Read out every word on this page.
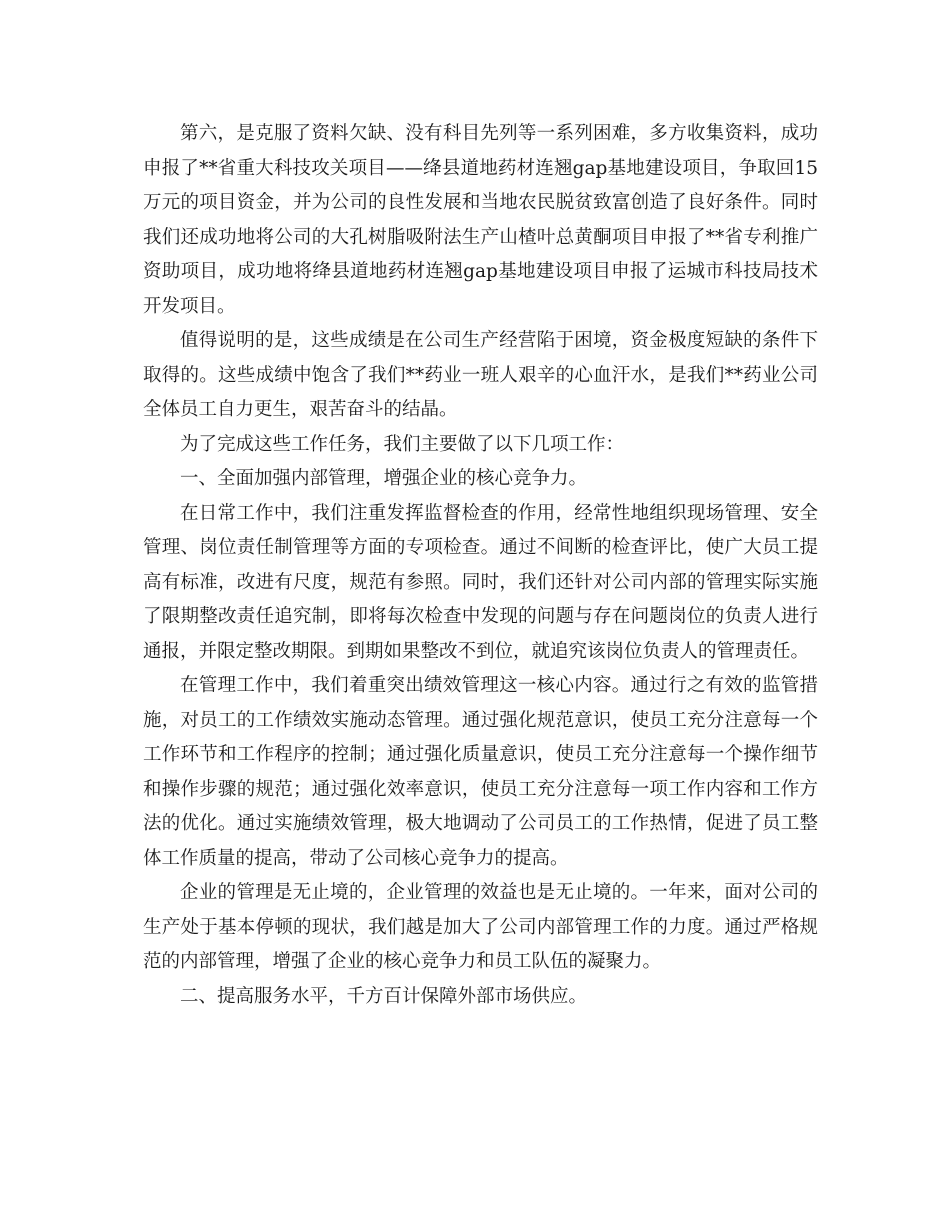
第六，是克服了资料欠缺、没有科目先列等一系列困难，多方收集资料，成功申报了**省重大科技攻关项目——绛县道地药材连翘gap基地建设项目，争取回15万元的项目资金，并为公司的良性发展和当地农民脱贫致富创造了良好条件。同时我们还成功地将公司的大孔树脂吸附法生产山楂叶总黄酮项目申报了**省专利推广资助项目，成功地将绛县道地药材连翘gap基地建设项目申报了运城市科技局技术开发项目。

值得说明的是，这些成绩是在公司生产经营陷于困境，资金极度短缺的条件下取得的。这些成绩中饱含了我们**药业一班人艰辛的心血汗水，是我们**药业公司全体员工自力更生，艰苦奋斗的结晶。

为了完成这些工作任务，我们主要做了以下几项工作：

一、全面加强内部管理，增强企业的核心竞争力。

在日常工作中，我们注重发挥监督检查的作用，经常性地组织现场管理、安全管理、岗位责任制管理等方面的专项检查。通过不间断的检查评比，使广大员工提高有标准，改进有尺度，规范有参照。同时，我们还针对公司内部的管理实际实施了限期整改责任追究制，即将每次检查中发现的问题与存在问题岗位的负责人进行通报，并限定整改期限。到期如果整改不到位，就追究该岗位负责人的管理责任。

在管理工作中，我们着重突出绩效管理这一核心内容。通过行之有效的监管措施，对员工的工作绩效实施动态管理。通过强化规范意识，使员工充分注意每一个工作环节和工作程序的控制；通过强化质量意识，使员工充分注意每一个操作细节和操作步骤的规范；通过强化效率意识，使员工充分注意每一项工作内容和工作方法的优化。通过实施绩效管理，极大地调动了公司员工的工作热情，促进了员工整体工作质量的提高，带动了公司核心竞争力的提高。

企业的管理是无止境的，企业管理的效益也是无止境的。一年来，面对公司的生产处于基本停顿的现状，我们越是加大了公司内部管理工作的力度。通过严格规范的内部管理，增强了企业的核心竞争力和员工队伍的凝聚力。

二、提高服务水平，千方百计保障外部市场供应。
